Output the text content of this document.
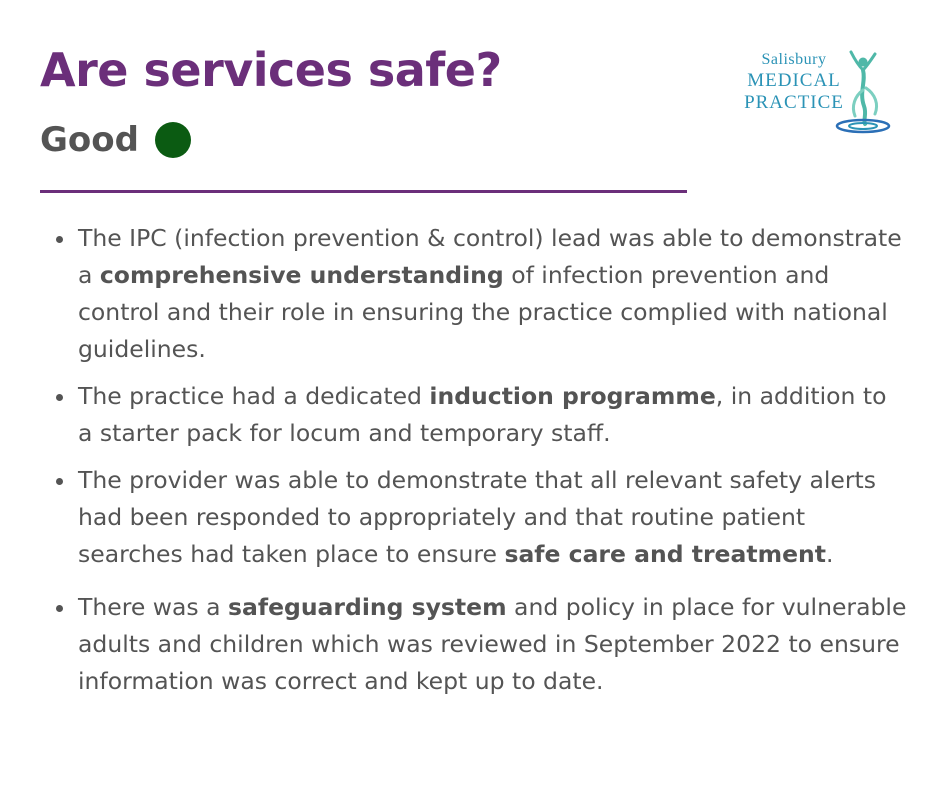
Are services safe?
Good
Salisbury
MEDICAL
PRACTICE
The IPC (infection prevention & control) lead was able to demonstrate a comprehensive understanding of infection prevention and control and their role in ensuring the practice complied with national guidelines.
The practice had a dedicated induction programme, in addition to a starter pack for locum and temporary staff.
The provider was able to demonstrate that all relevant safety alerts had been responded to appropriately and that routine patient searches had taken place to ensure safe care and treatment.
There was a safeguarding system and policy in place for vulnerable adults and children which was reviewed in September 2022 to ensure information was correct and kept up to date.
